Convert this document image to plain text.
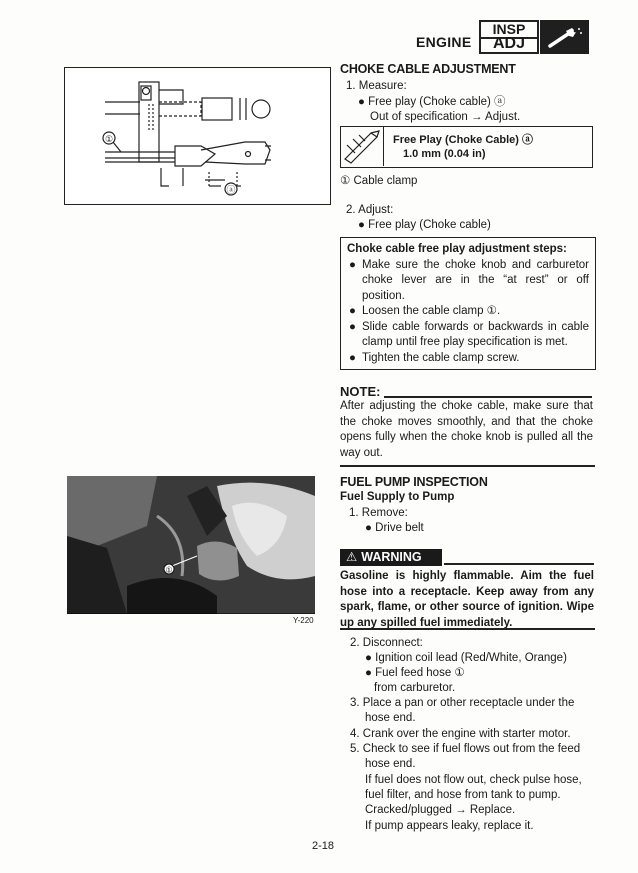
ENGINE
INSP
ADJ
①
ⓐ
CHOKE CABLE ADJUSTMENT
1. Measure:
● Free play (Choke cable) ⓐ
Out of specification → Adjust.
Free Play (Choke Cable) ⓐ
1.0 mm (0.04 in)
① Cable clamp
2. Adjust:
● Free play (Choke cable)
Choke cable free play adjustment steps:
● Make sure the choke knob and carburetor choke lever are in the “at rest” or off position.
● Loosen the cable clamp ①.
● Slide cable forwards or backwards in cable clamp until free play specification is met.
● Tighten the cable clamp screw.
NOTE:
After adjusting the choke cable, make sure that the choke moves smoothly, and that the choke opens fully when the choke knob is pulled all the way out.
①
Y-220
FUEL PUMP INSPECTION
Fuel Supply to Pump
1. Remove:
● Drive belt
⚠ WARNING
Gasoline is highly flammable. Aim the fuel hose into a receptacle. Keep away from any spark, flame, or other source of ignition. Wipe up any spilled fuel immediately.
2. Disconnect:
● Ignition coil lead (Red/White, Orange)
● Fuel feed hose ①
from carburetor.
3. Place a pan or other receptacle under the
hose end.
4. Crank over the engine with starter motor.
5. Check to see if fuel flows out from the feed
hose end.
If fuel does not flow out, check pulse hose,
fuel filter, and hose from tank to pump.
Cracked/plugged → Replace.
If pump appears leaky, replace it.
2-18
